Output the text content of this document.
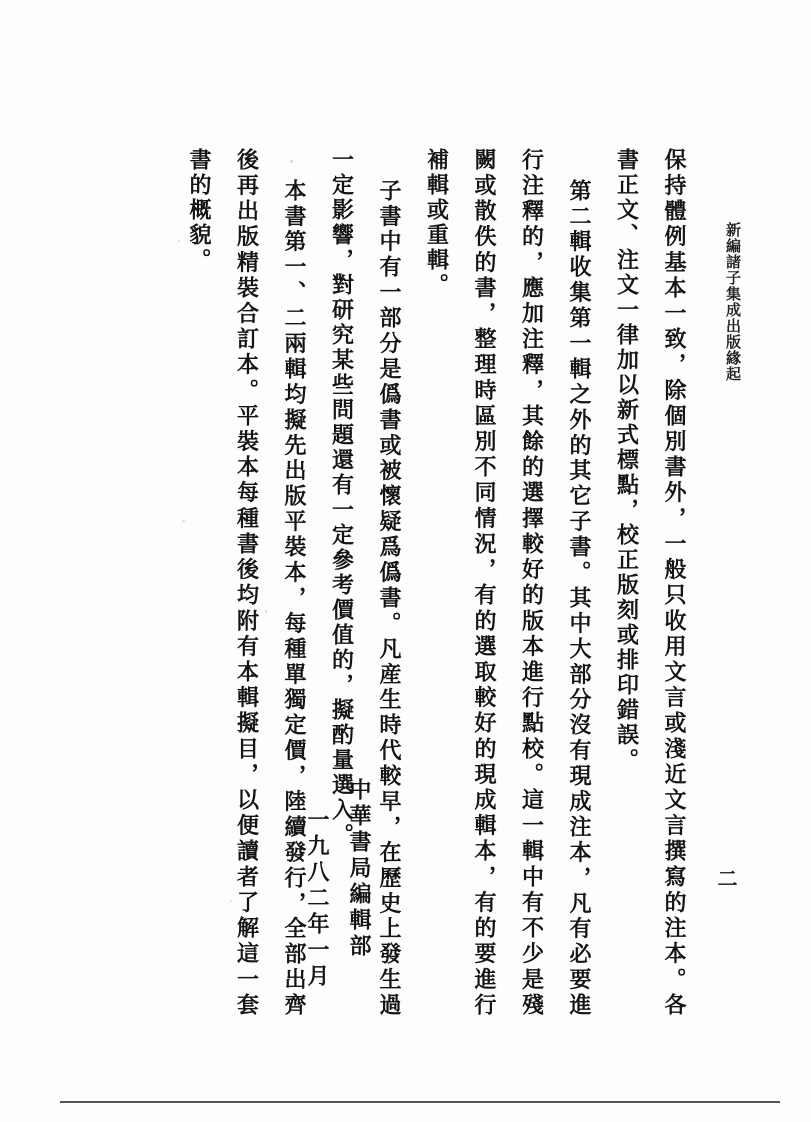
新編諸子集成出版緣起
二

保持體例基本一致，除個別書外，一般只收用文言或淺近文言撰寫的注本。各書正文、注文一律加以新式標點，校正版刻或排印錯誤。

第二輯收集第一輯之外的其它子書。其中大部分沒有現成注本，凡有必要進行注釋的，應加注釋，其餘的選擇較好的版本進行點校。這一輯中有不少是殘闕或散佚的書，整理時區別不同情況，有的選取較好的現成輯本，有的要進行補輯或重輯。

子書中有一部分是僞書或被懷疑爲僞書。凡産生時代較早，在歷史上發生過一定影響，對研究某些問題還有一定參考價值的，擬酌量選入。

本書第一、二兩輯均擬先出版平裝本，每種單獨定價，陸續發行，全部出齊後再出版精裝合訂本。平裝本每種書後均附有本輯擬目，以便讀者了解這一套書的概貌。

中華書局編輯部
一九八二年一月
